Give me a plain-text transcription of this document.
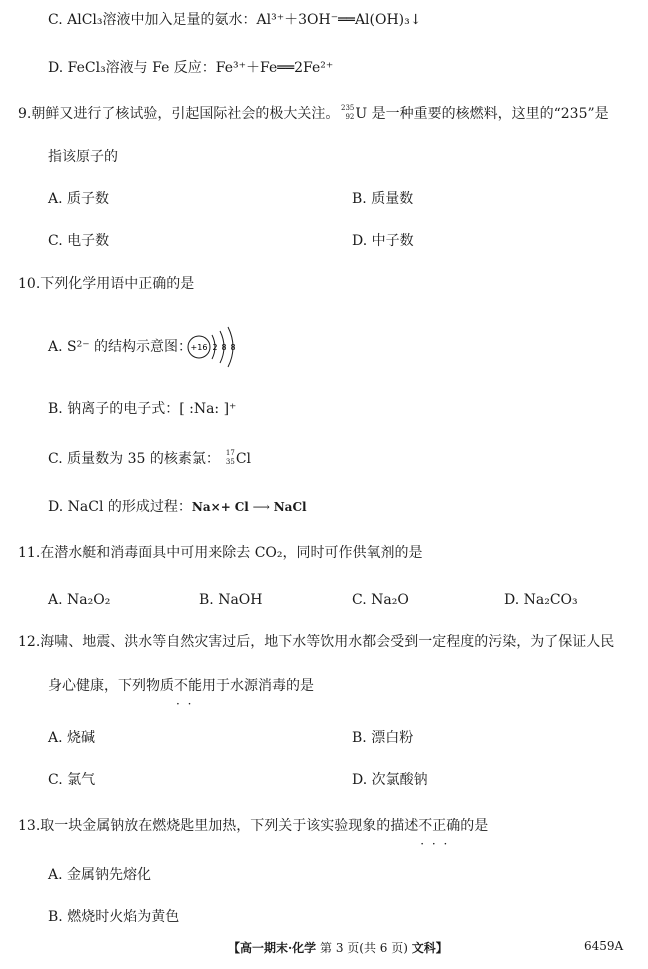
C. AlCl₃溶液中加入足量的氨水：Al³⁺＋3OH⁻══Al(OH)₃↓
D. FeCl₃溶液与 Fe 反应：Fe³⁺＋Fe══2Fe²⁺
9.朝鲜又进行了核试验，引起国际社会的极大关注。 235
92 U 是一种重要的核燃料，这里的“235”是
指该原子的
A. 质子数	B. 质量数
C. 电子数	D. 中子数
10.下列化学用语中正确的是
A. S²⁻ 的结构示意图：
+16 2 8 8
B. 钠离子的电子式：[ :Na: ]⁺
C. 质量数为 35 的核素氯： 17
35 Cl
D. NaCl 的形成过程：Na×+ Cl ⟶ NaCl
11.在潜水艇和消毒面具中可用来除去 CO₂，同时可作供氧剂的是
A. Na₂O₂	B. NaOH	C. Na₂O	D. Na₂CO₃
12.海啸、地震、洪水等自然灾害过后，地下水等饮用水都会受到一定程度的污染，为了保证人民
身心健康，下列物质不能 · ·用于水源消毒的是
A. 烧碱	B. 漂白粉
C. 氯气	D. 次氯酸钠
13.取一块金属钠放在燃烧匙里加热，下列关于该实验现象的描述不正确 · · ·的是
A. 金属钠先熔化
B. 燃烧时火焰为黄色
【高一期末·化学 第 3 页(共 6 页) 文科】	6459A
